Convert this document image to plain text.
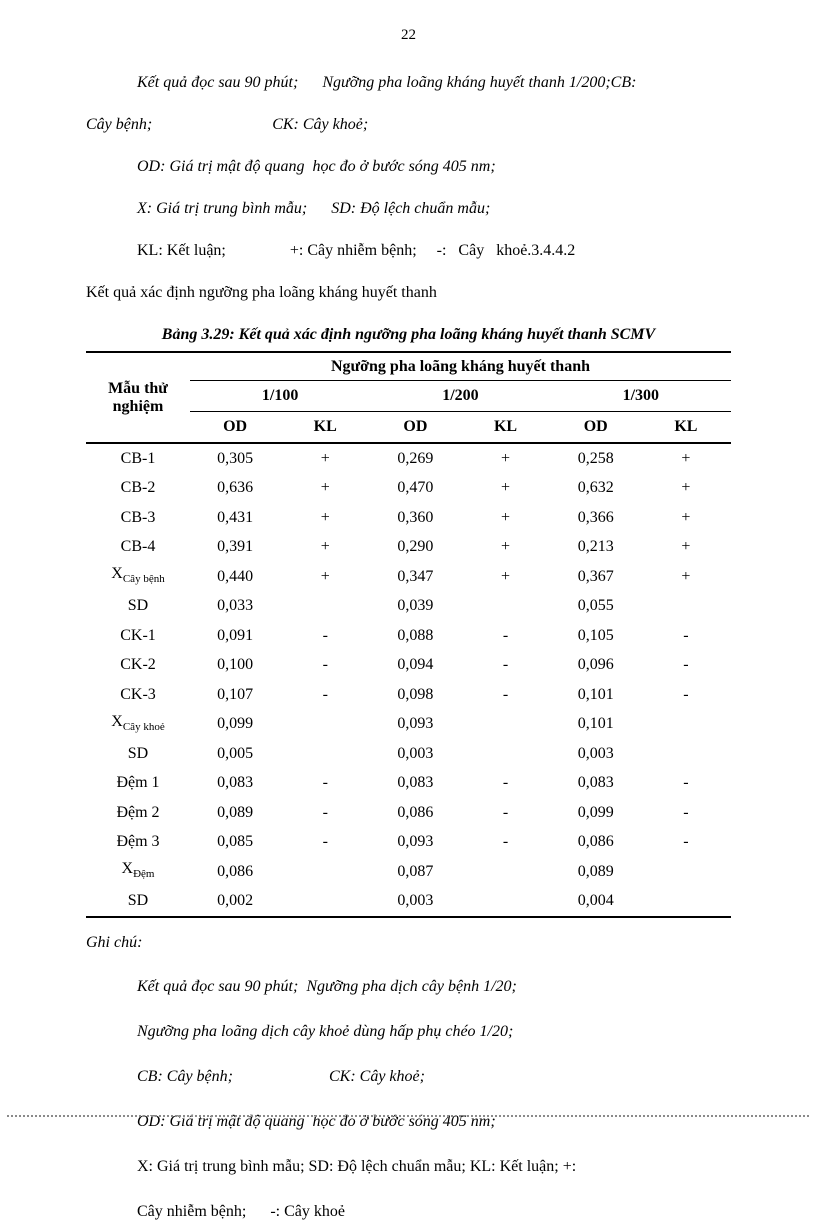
22

Kết quả đọc sau 90 phút;      Ngưỡng pha loãng kháng huyết thanh 1/200;CB:

Cây bệnh;                              CK: Cây khoẻ;

OD: Giá trị mật độ quang  học đo ở bước sóng 405 nm;

X: Giá trị trung bình mẫu;      SD: Độ lệch chuẩn mẫu;

KL: Kết luận;                +: Cây nhiễm bệnh;     -:   Cây   khoẻ.3.4.4.2

Kết quả xác định ngưỡng pha loãng kháng huyết thanh

Bảng 3.29: Kết quả xác định ngưỡng pha loãng kháng huyết thanh SCMV

Mẫu thử nghiệm	Ngưỡng pha loãng kháng huyết thanh					
	1/100		1/200		1/300	
	OD	KL	OD	KL	OD	KL
CB-1	0,305	+	0,269	+	0,258	+
CB-2	0,636	+	0,470	+	0,632	+
CB-3	0,431	+	0,360	+	0,366	+
CB-4	0,391	+	0,290	+	0,213	+
$X_{Cây bệnh}$	0,440	+	0,347	+	0,367	+
SD	0,033		0,039		0,055	
CK-1	0,091	-	0,088	-	0,105	-
CK-2	0,100	-	0,094	-	0,096	-
CK-3	0,107	-	0,098	-	0,101	-
$X_{Cây khoẻ}$	0,099		0,093		0,101	
SD	0,005		0,003		0,003	
Đệm 1	0,083	-	0,083	-	0,083	-
Đệm 2	0,089	-	0,086	-	0,099	-
Đệm 3	0,085	-	0,093	-	0,086	-
$X_{Đệm}$	0,086		0,087		0,089	
SD	0,002		0,003		0,004	

Ghi chú:

Kết quả đọc sau 90 phút;  Ngưỡng pha dịch cây bệnh 1/20;

Ngưỡng pha loãng dịch cây khoẻ dùng hấp phụ chéo 1/20;

CB: Cây bệnh;                        CK: Cây khoẻ;

OD: Giá trị mật độ quang  học đo ở bước sóng 405 nm;

X: Giá trị trung bình mẫu; SD: Độ lệch chuẩn mẫu; KL: Kết luận; +:

Cây nhiễm bệnh;      -: Cây khoẻ
